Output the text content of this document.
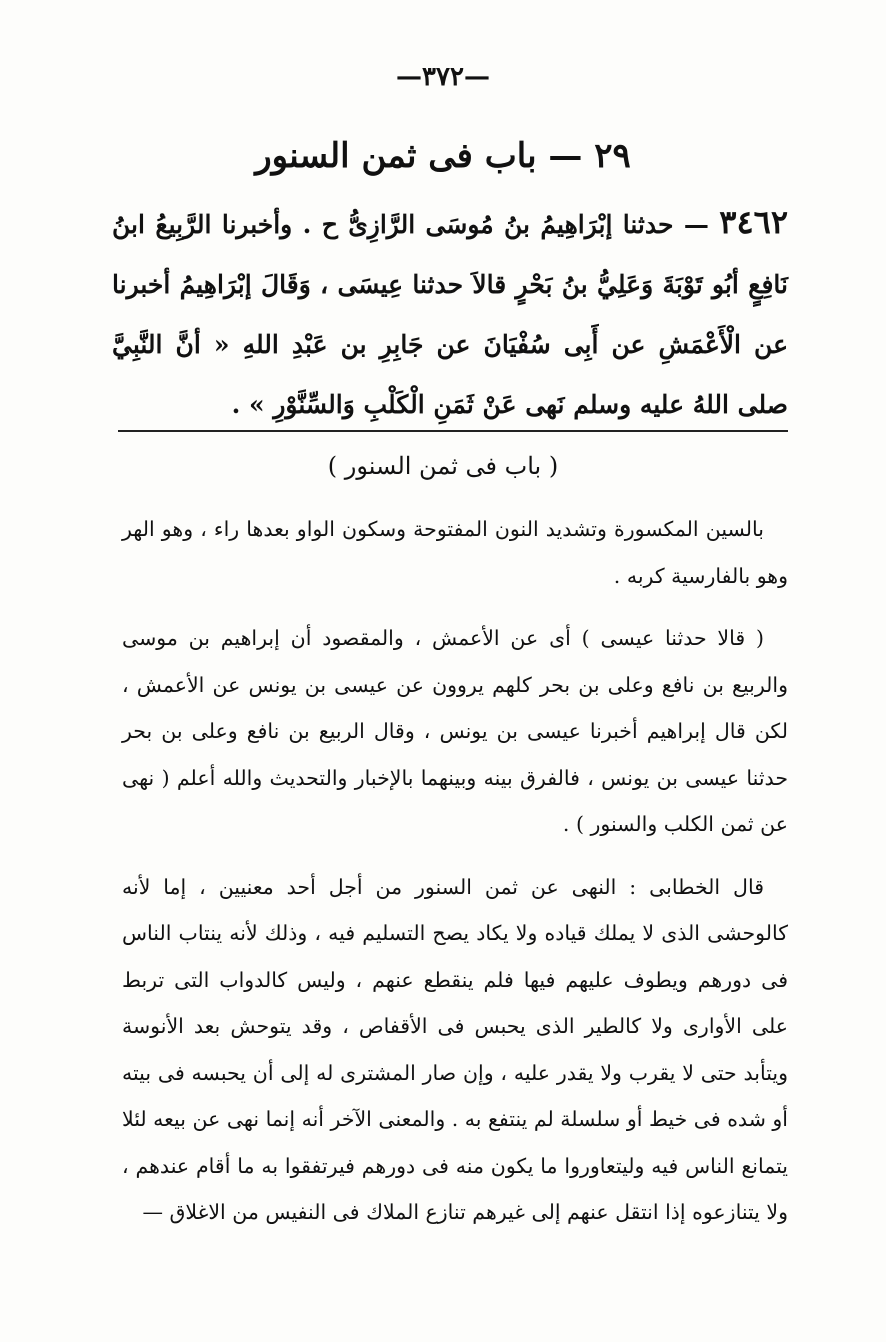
—٣٧٢—
٢٩ — باب فى ثمن السنور
٣٤٦٢ — حدثنا إبْرَاهِيمُ بنُ مُوسَى الرَّازِىُّ ح . وأخبرنا الرَّبِيعُ ابنُ نَافِعٍ أبُو تَوْبَةَ وَعَلِيُّ بنُ بَحْرٍ قالاَ حدثنا عِيسَى ، وَقَالَ إبْرَاهِيمُ أخبرنا عن الْأَعْمَشِ عن أَبِى سُفْيَانَ عن جَابِرِ بن عَبْدِ اللهِ « أنَّ النَّبِيَّ صلى اللهُ عليه وسلم نَهى عَنْ ثَمَنِ الْكَلْبِ وَالسِّنَّوْرِ » .
( باب فى ثمن السنور )

بالسين المكسورة وتشديد النون المفتوحة وسكون الواو بعدها راء ، وهو الهر وهو بالفارسية كربه .

( قالا حدثنا عيسى ) أى عن الأعمش ، والمقصود أن إبراهيم بن موسى والربيع بن نافع وعلى بن بحر كلهم يروون عن عيسى بن يونس عن الأعمش ، لكن قال إبراهيم أخبرنا عيسى بن يونس ، وقال الربيع بن نافع وعلى بن بحر حدثنا عيسى بن يونس ، فالفرق بينه وبينهما بالإخبار والتحديث والله أعلم ( نهى عن ثمن الكلب والسنور ) .

قال الخطابى : النهى عن ثمن السنور من أجل أحد معنيين ، إما لأنه كالوحشى الذى لا يملك قياده ولا يكاد يصح التسليم فيه ، وذلك لأنه ينتاب الناس فى دورهم ويطوف عليهم فيها فلم ينقطع عنهم ، وليس كالدواب التى تربط على الأوارى ولا كالطير الذى يحبس فى الأقفاص ، وقد يتوحش بعد الأنوسة ويتأبد حتى لا يقرب ولا يقدر عليه ، وإن صار المشترى له إلى أن يحبسه فى بيته أو شده فى خيط أو سلسلة لم ينتفع به . والمعنى الآخر أنه إنما نهى عن بيعه لئلا يتمانع الناس فيه وليتعاوروا ما يكون منه فى دورهم فيرتفقوا به ما أقام عندهم ، ولا يتنازعوه إذا انتقل عنهم إلى غيرهم تنازع الملاك فى النفيس من الاغلاق —
